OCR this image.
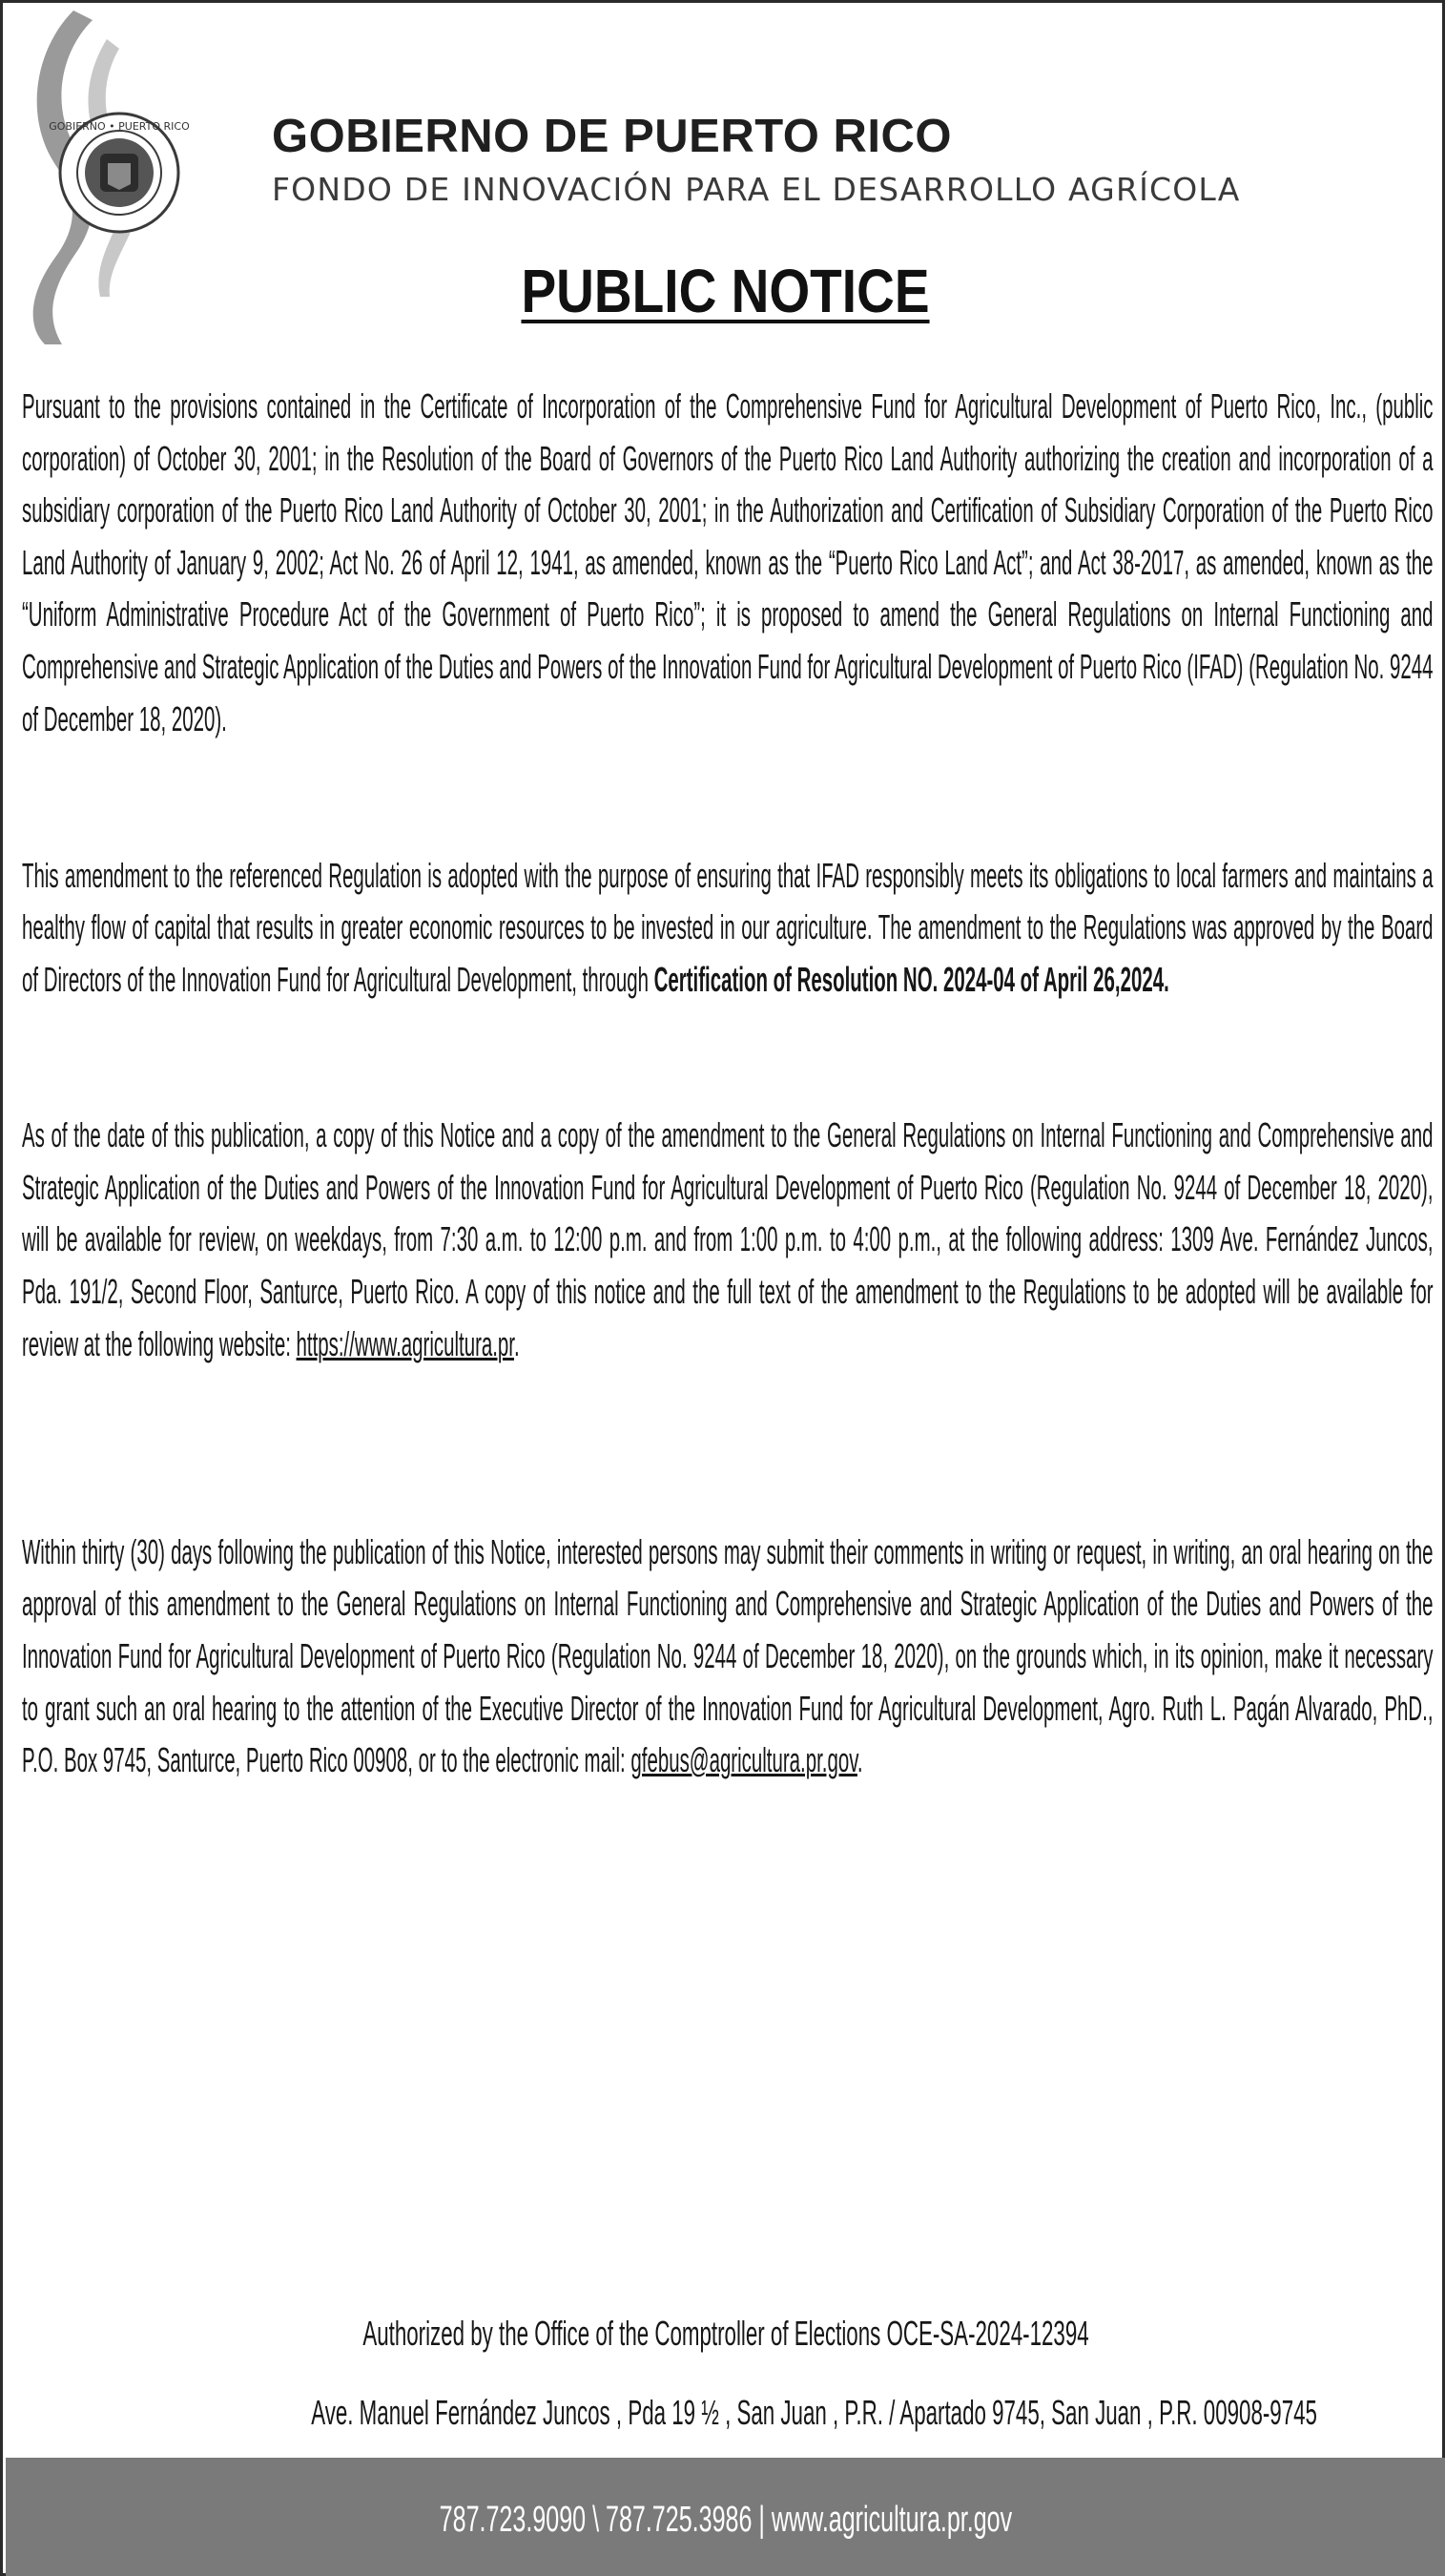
GOBIERNO • PUERTO RICO GOBIERNO DE PUERTO RICO
FONDO DE INNOVACIÓN PARA EL DESARROLLO AGRÍCOLA
PUBLIC NOTICE
Pursuant to the provisions contained in the Certificate of Incorporation of the Comprehensive Fund for Agricultural Development of Puerto Rico, Inc., (public corporation) of October 30, 2001; in the Resolution of the Board of Governors of the Puerto Rico Land Authority authorizing the creation and incorporation of a subsidiary corporation of the Puerto Rico Land Authority of October 30, 2001; in the Authorization and Certification of Subsidiary Corporation of the Puerto Rico Land Authority of January 9, 2002; Act No. 26 of April 12, 1941, as amended, known as the “Puerto Rico Land Act”; and Act 38-2017, as amended, known as the “Uniform Administrative Procedure Act of the Government of Puerto Rico”; it is proposed to amend the General Regulations on Internal Functioning and Comprehensive and Strategic Application of the Duties and Powers of the Innovation Fund for Agricultural Development of Puerto Rico (IFAD) (Regulation No. 9244 of December 18, 2020).
This amendment to the referenced Regulation is adopted with the purpose of ensuring that IFAD responsibly meets its obligations to local farmers and maintains a healthy flow of capital that results in greater economic resources to be invested in our agriculture. The amendment to the Regulations was approved by the Board of Directors of the Innovation Fund for Agricultural Development, through Certification of Resolution NO. 2024-04 of April 26,2024.
As of the date of this publication, a copy of this Notice and a copy of the amendment to the General Regulations on Internal Functioning and Comprehensive and Strategic Application of the Duties and Powers of the Innovation Fund for Agricultural Development of Puerto Rico (Regulation No. 9244 of December 18, 2020), will be available for review, on weekdays, from 7:30 a.m. to 12:00 p.m. and from 1:00 p.m. to 4:00 p.m., at the following address: 1309 Ave. Fernández Juncos, Pda. 191/2, Second Floor, Santurce, Puerto Rico. A copy of this notice and the full text of the amendment to the Regulations to be adopted will be available for review at the following website: https://www.agricultura.pr.
Within thirty (30) days following the publication of this Notice, interested persons may submit their comments in writing or request, in writing, an oral hearing on the approval of this amendment to the General Regulations on Internal Functioning and Comprehensive and Strategic Application of the Duties and Powers of the Innovation Fund for Agricultural Development of Puerto Rico (Regulation No. 9244 of December 18, 2020), on the grounds which, in its opinion, make it necessary to grant such an oral hearing to the attention of the Executive Director of the Innovation Fund for Agricultural Development, Agro. Ruth L. Pagán Alvarado, PhD., P.O. Box 9745, Santurce, Puerto Rico 00908, or to the electronic mail: gfebus@agricultura.pr.gov.
Authorized by the Office of the Comptroller of Elections OCE-SA-2024-12394
Ave. Manuel Fernández Juncos , Pda 19 ½ , San Juan , P.R. / Apartado 9745, San Juan , P.R. 00908-9745
787.723.9090 \ 787.725.3986 | www.agricultura.pr.gov
